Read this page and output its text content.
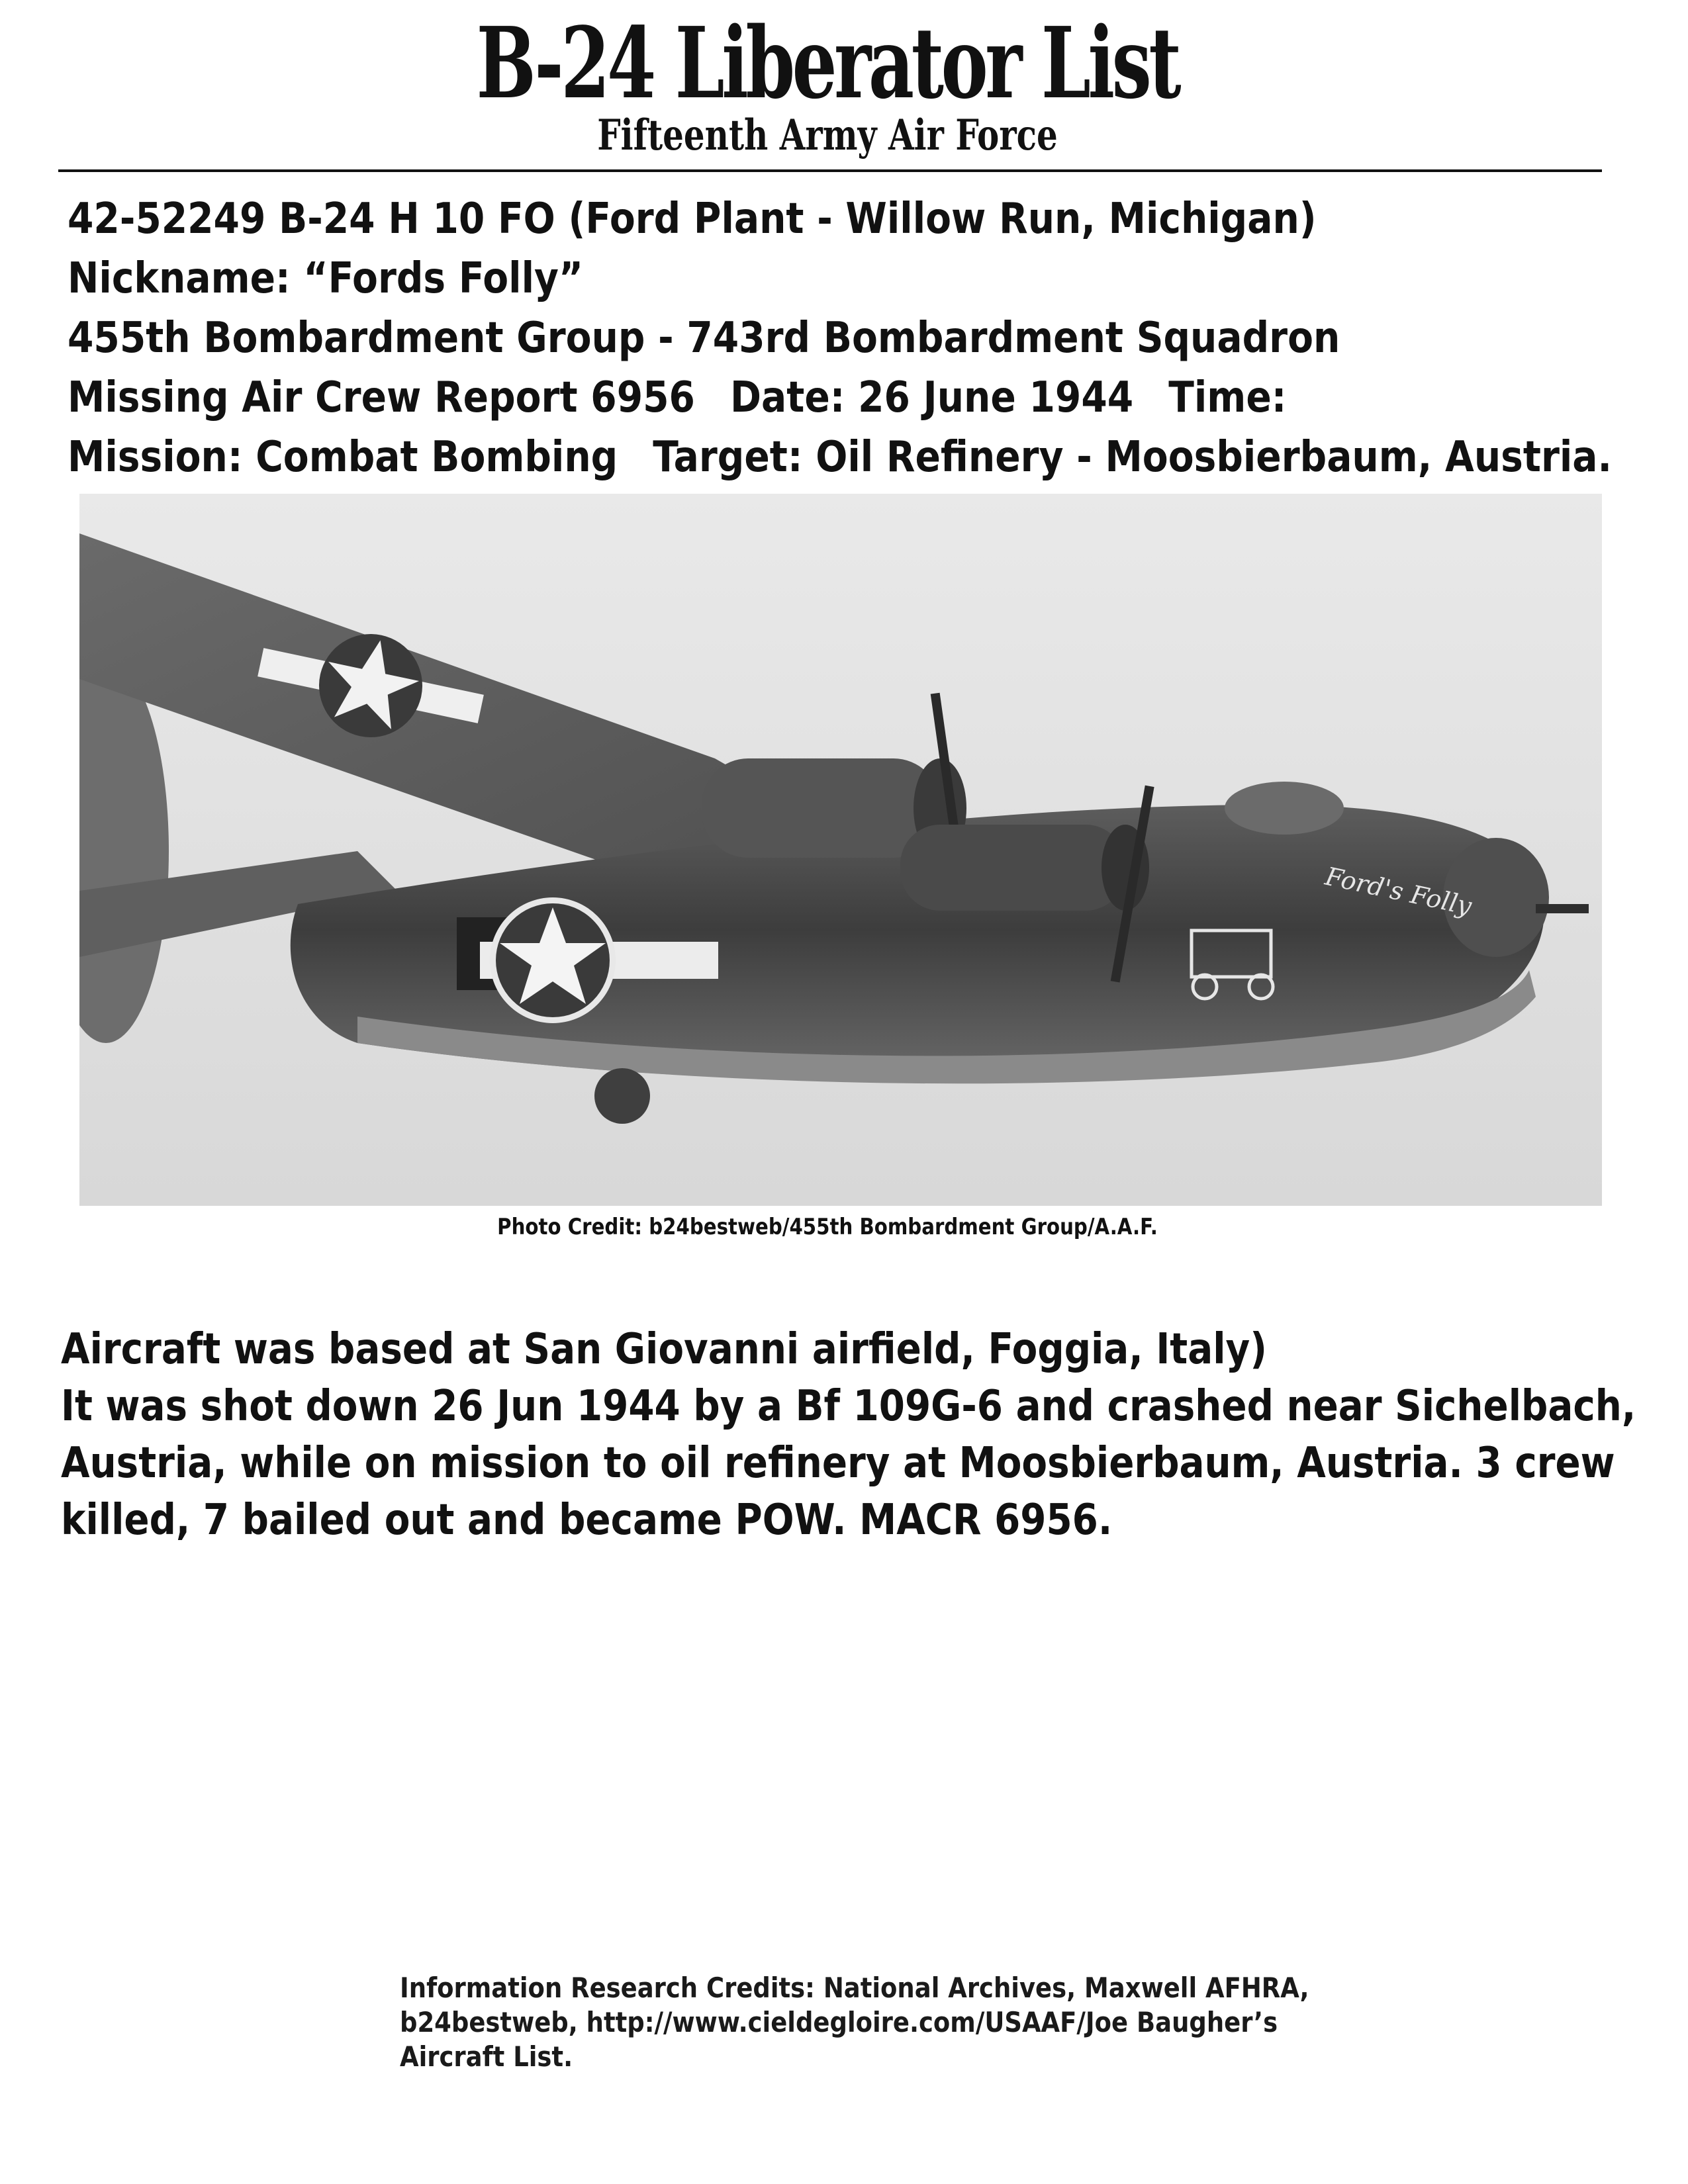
B-24 Liberator List
Fifteenth Army Air Force
42-52249 B-24 H 10 FO (Ford Plant - Willow Run, Michigan)
Nickname: “Fords Folly”
455th Bombardment Group - 743rd Bombardment Squadron
Missing Air Crew Report 6956 Date: 26 June 1944 Time:
Mission: Combat Bombing Target: Oil Refinery - Moosbierbaum, Austria.
Ford's Folly
Photo Credit: b24bestweb/455th Bombardment Group/A.A.F.
Aircraft was based at San Giovanni airfield, Foggia, Italy)
It was shot down 26 Jun 1944 by a Bf 109G-6 and crashed near Sichelbach,
Austria, while on mission to oil refinery at Moosbierbaum, Austria. 3 crew
killed, 7 bailed out and became POW. MACR 6956.
Information Research Credits: National Archives, Maxwell AFHRA,
b24bestweb, http://www.cieldegloire.com/USAAF/Joe Baugher’s
Aircraft List.
